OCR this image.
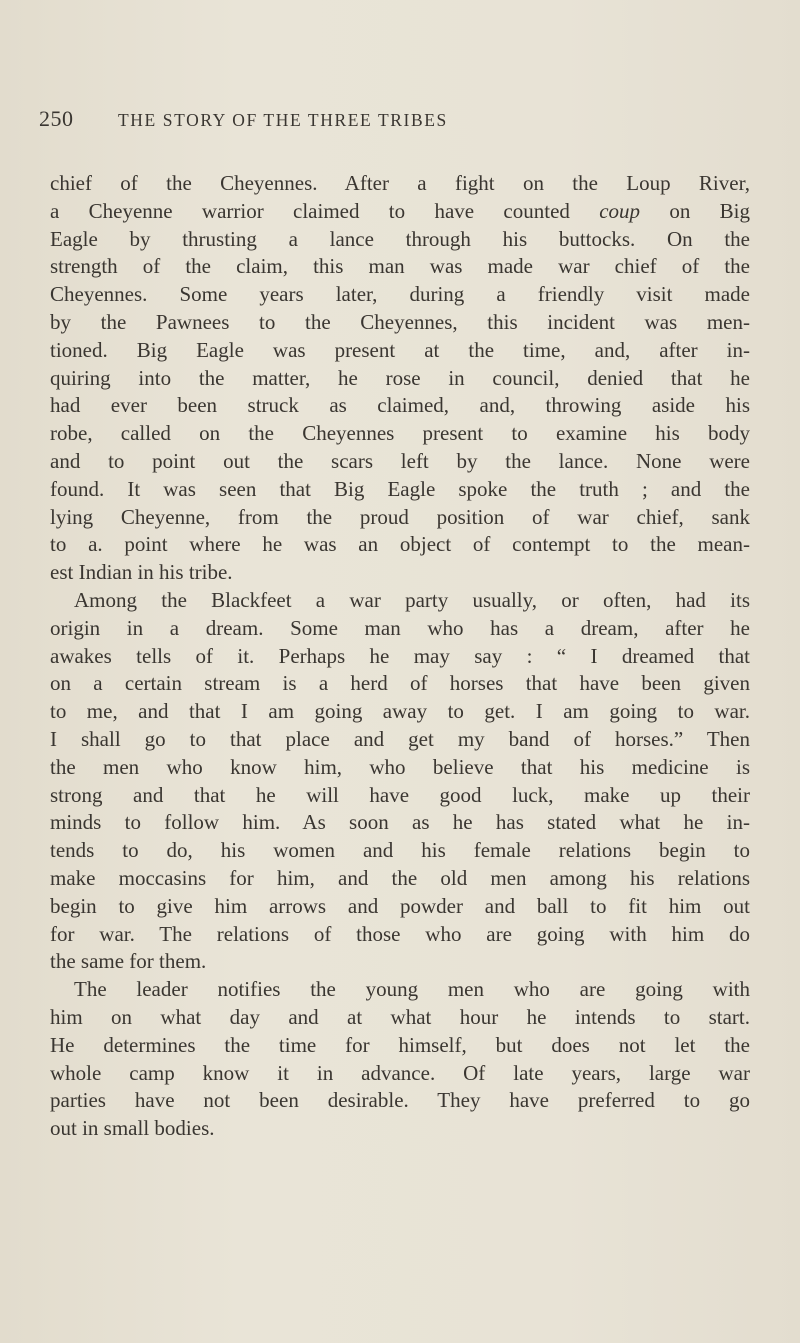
250	THE STORY OF THE THREE TRIBES
chief of the Cheyennes. After a fight on the Loup River,
a Cheyenne warrior claimed to have counted coup on Big
Eagle by thrusting a lance through his buttocks. On the
strength of the claim, this man was made war chief of the
Cheyennes. Some years later, during a friendly visit made
by the Pawnees to the Cheyennes, this incident was men-
tioned. Big Eagle was present at the time, and, after in-
quiring into the matter, he rose in council, denied that he
had ever been struck as claimed, and, throwing aside his
robe, called on the Cheyennes present to examine his body
and to point out the scars left by the lance. None were
found. It was seen that Big Eagle spoke the truth ; and the
lying Cheyenne, from the proud position of war chief, sank
to a. point where he was an object of contempt to the mean-
est Indian in his tribe.
Among the Blackfeet a war party usually, or often, had its
origin in a dream. Some man who has a dream, after he
awakes tells of it. Perhaps he may say : “ I dreamed that
on a certain stream is a herd of horses that have been given
to me, and that I am going away to get. I am going to war.
I shall go to that place and get my band of horses.” Then
the men who know him, who believe that his medicine is
strong and that he will have good luck, make up their
minds to follow him. As soon as he has stated what he in-
tends to do, his women and his female relations begin to
make moccasins for him, and the old men among his relations
begin to give him arrows and powder and ball to fit him out
for war. The relations of those who are going with him do
the same for them.
The leader notifies the young men who are going with
him on what day and at what hour he intends to start.
He determines the time for himself, but does not let the
whole camp know it in advance. Of late years, large war
parties have not been desirable. They have preferred to go
out in small bodies.
